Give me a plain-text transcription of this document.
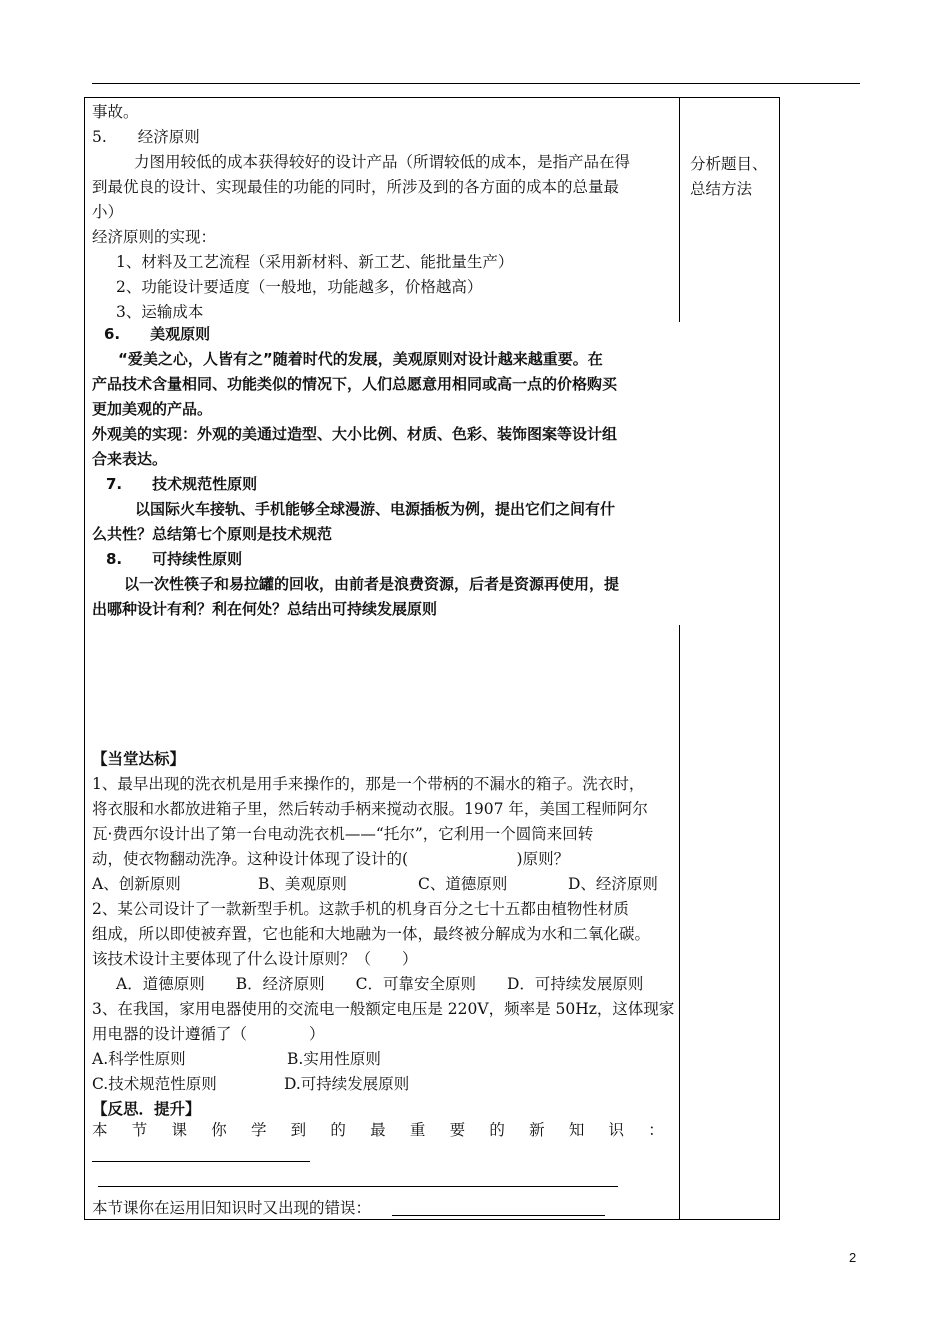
事故。
5.　　经济原则
力图用较低的成本获得较好的设计产品（所谓较低的成本，是指产品在得
到最优良的设计、实现最佳的功能的同时，所涉及到的各方面的成本的总量最
小）
经济原则的实现：
1、材料及工艺流程（采用新材料、新工艺、能批量生产）
2、功能设计要适度（一般地，功能越多，价格越高）
3、运输成本
分析题目、
总结方法
6.　　美观原则
“爱美之心，人皆有之”随着时代的发展，美观原则对设计越来越重要。在
产品技术含量相同、功能类似的情况下，人们总愿意用相同或高一点的价格购买
更加美观的产品。
外观美的实现：外观的美通过造型、大小比例、材质、色彩、装饰图案等设计组
合来表达。
7.　　技术规范性原则
以国际火车接轨、手机能够全球漫游、电源插板为例，提出它们之间有什
么共性？总结第七个原则是技术规范
8.　　可持续性原则
以一次性筷子和易拉罐的回收，由前者是浪费资源，后者是资源再使用，提
出哪种设计有利？利在何处？总结出可持续发展原则
【当堂达标】
1、最早出现的洗衣机是用手来操作的，那是一个带柄的不漏水的箱子。洗衣时，
将衣服和水都放进箱子里，然后转动手柄来搅动衣服。1907 年，美国工程师阿尔
瓦·费西尔设计出了第一台电动洗衣机——“托尔”，它利用一个圆筒来回转
动，使衣物翻动洗净。这种设计体现了设计的(　　　　　　　)原则？
A、创新原则	B、美观原则	C、道德原则	D、经济原则
2、某公司设计了一款新型手机。这款手机的机身百分之七十五都由植物性材质
组成，所以即使被弃置，它也能和大地融为一体，最终被分解成为水和二氧化碳。
该技术设计主要体现了什么设计原则？（　　）
A．道德原则　　B．经济原则　　C．可靠安全原则　　D．可持续发展原则
3、在我国，家用电器使用的交流电一般额定电压是 220V，频率是 50Hz，这体现家
用电器的设计遵循了（　　　　）
A.科学性原则	B.实用性原则
C.技术规范性原则	D.可持续发展原则
【反思．提升】
本 节 课 你 学 到 的 最 重 要 的 新 知 识 ：
本节课你在运用旧知识时又出现的错误：
2
